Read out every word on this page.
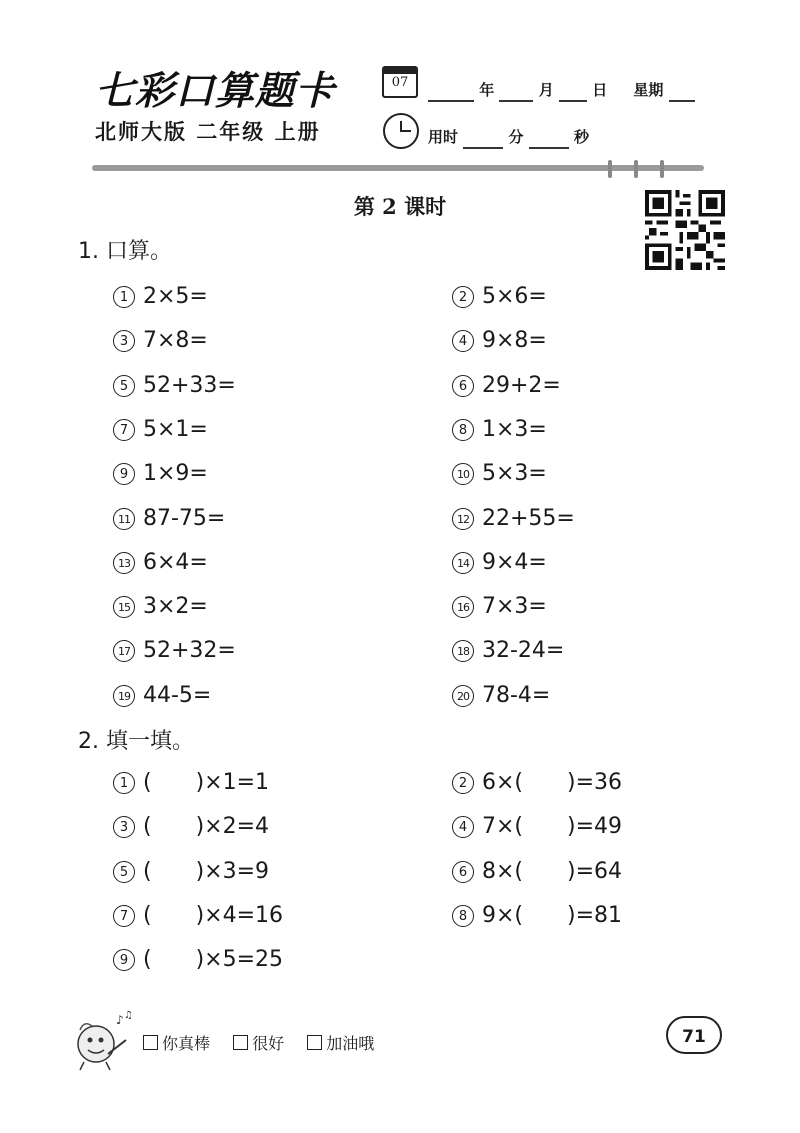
七彩口算题卡
北师大版 二年级 上册
07	年	月	日 星期
用时	分	秒
第 2 课时
1. 口算。
1 2×5=	2 5×6=
3 7×8=	4 9×8=
5 52+33=	6 29+2=
7 5×1=	8 1×3=
9 1×9=	10 5×3=
11 87-75=	12 22+55=
13 6×4=	14 9×4=
15 3×2=	16 7×3=
17 52+32=	18 32-24=
19 44-5=	20 78-4=
2. 填一填。
1 ( )×1=1	2 6×( )=36
3 ( )×2=4	4 7×( )=49
5 ( )×3=9	6 8×( )=64
7 ( )×4=16	8 9×( )=81
9 ( )×5=25
♪ ♫
你真棒	很好	加油哦	71
